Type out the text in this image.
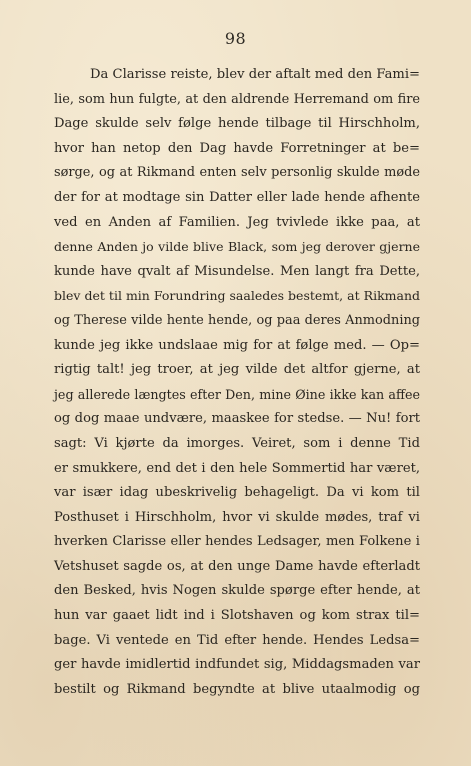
98
Da Clarisse reiste, blev der aftalt med den Fami=
lie, som hun fulgte, at den aldrende Herremand om fire
Dage skulde selv følge hende tilbage til Hirschholm,
hvor han netop den Dag havde Forretninger at be=
sørge, og at Rikmand enten selv personlig skulde møde
der for at modtage sin Datter eller lade hende afhente
ved en Anden af Familien. Jeg tvivlede ikke paa, at
denne Anden jo vilde blive Black, som jeg derover gjerne
kunde have qvalt af Misundelse. Men langt fra Dette,
blev det til min Forundring saaledes bestemt, at Rikmand
og Therese vilde hente hende, og paa deres Anmodning
kunde jeg ikke undslaae mig for at følge med. — Op=
rigtig talt! jeg troer, at jeg vilde det altfor gjerne, at
jeg allerede længtes efter Den, mine Øine ikke kan affee
og dog maae undvære, maaskee for stedse. — Nu! fort
sagt: Vi kjørte da imorges. Veiret, som i denne Tid
er smukkere, end det i den hele Sommertid har været,
var især idag ubeskrivelig behageligt. Da vi kom til
Posthuset i Hirschholm, hvor vi skulde mødes, traf vi
hverken Clarisse eller hendes Ledsager, men Folkene i
Vetshuset sagde os, at den unge Dame havde efterladt
den Besked, hvis Nogen skulde spørge efter hende, at
hun var gaaet lidt ind i Slotshaven og kom strax til=
bage. Vi ventede en Tid efter hende. Hendes Ledsa=
ger havde imidlertid indfundet sig, Middagsmaden var
bestilt og Rikmand begyndte at blive utaalmodig og
